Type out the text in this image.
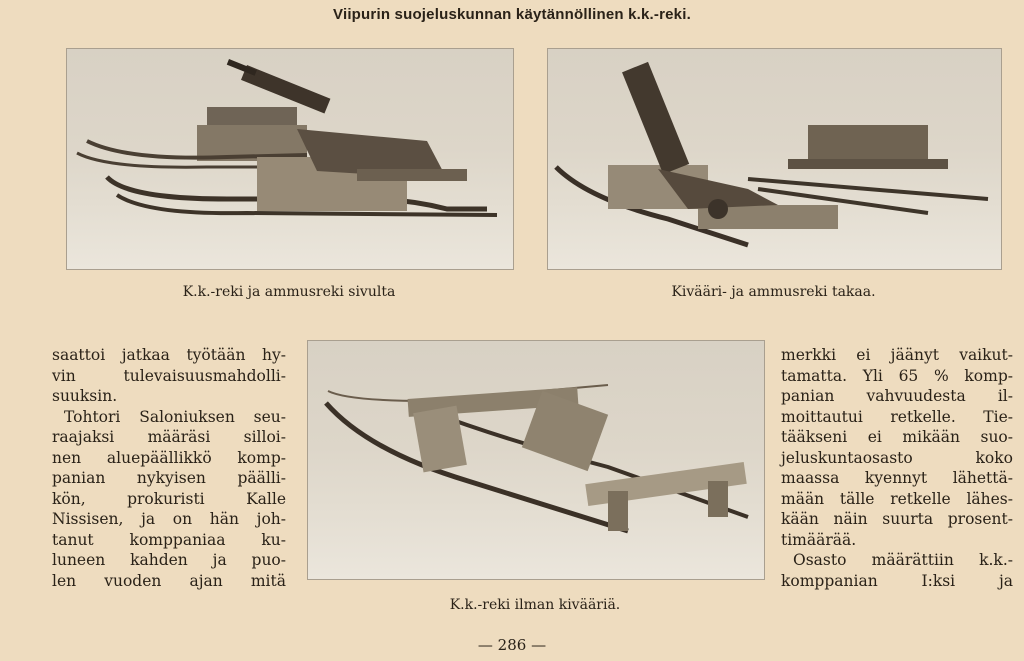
Viipurin suojeluskunnan käytännöllinen k.k.-reki.
K.k.-reki ja ammusreki sivulta	Kivääri- ja ammusreki takaa.
saattoi jatkaa työtään hy-
vin tulevaisuusmahdolli-
suuksin.
Tohtori Saloniuksen seu-
raajaksi määräsi silloi-
nen aluepäällikkö komp-
panian nykyisen päälli-
kön, prokuristi Kalle
Nissisen, ja on hän joh-
tanut komppaniaa ku-
luneen kahden ja puo-
len vuoden ajan mitä
K.k.-reki ilman kivääriä.
merkki ei jäänyt vaikut-
tamatta. Yli 65 % komp-
panian vahvuudesta il-
moittautui retkelle. Tie-
tääkseni ei mikään suo-
jeluskuntaosasto koko
maassa kyennyt lähettä-
mään tälle retkelle lähes-
kään näin suurta prosent-
timäärää.
Osasto määrättiin k.k.-
komppanian I:ksi ja
— 286 —
